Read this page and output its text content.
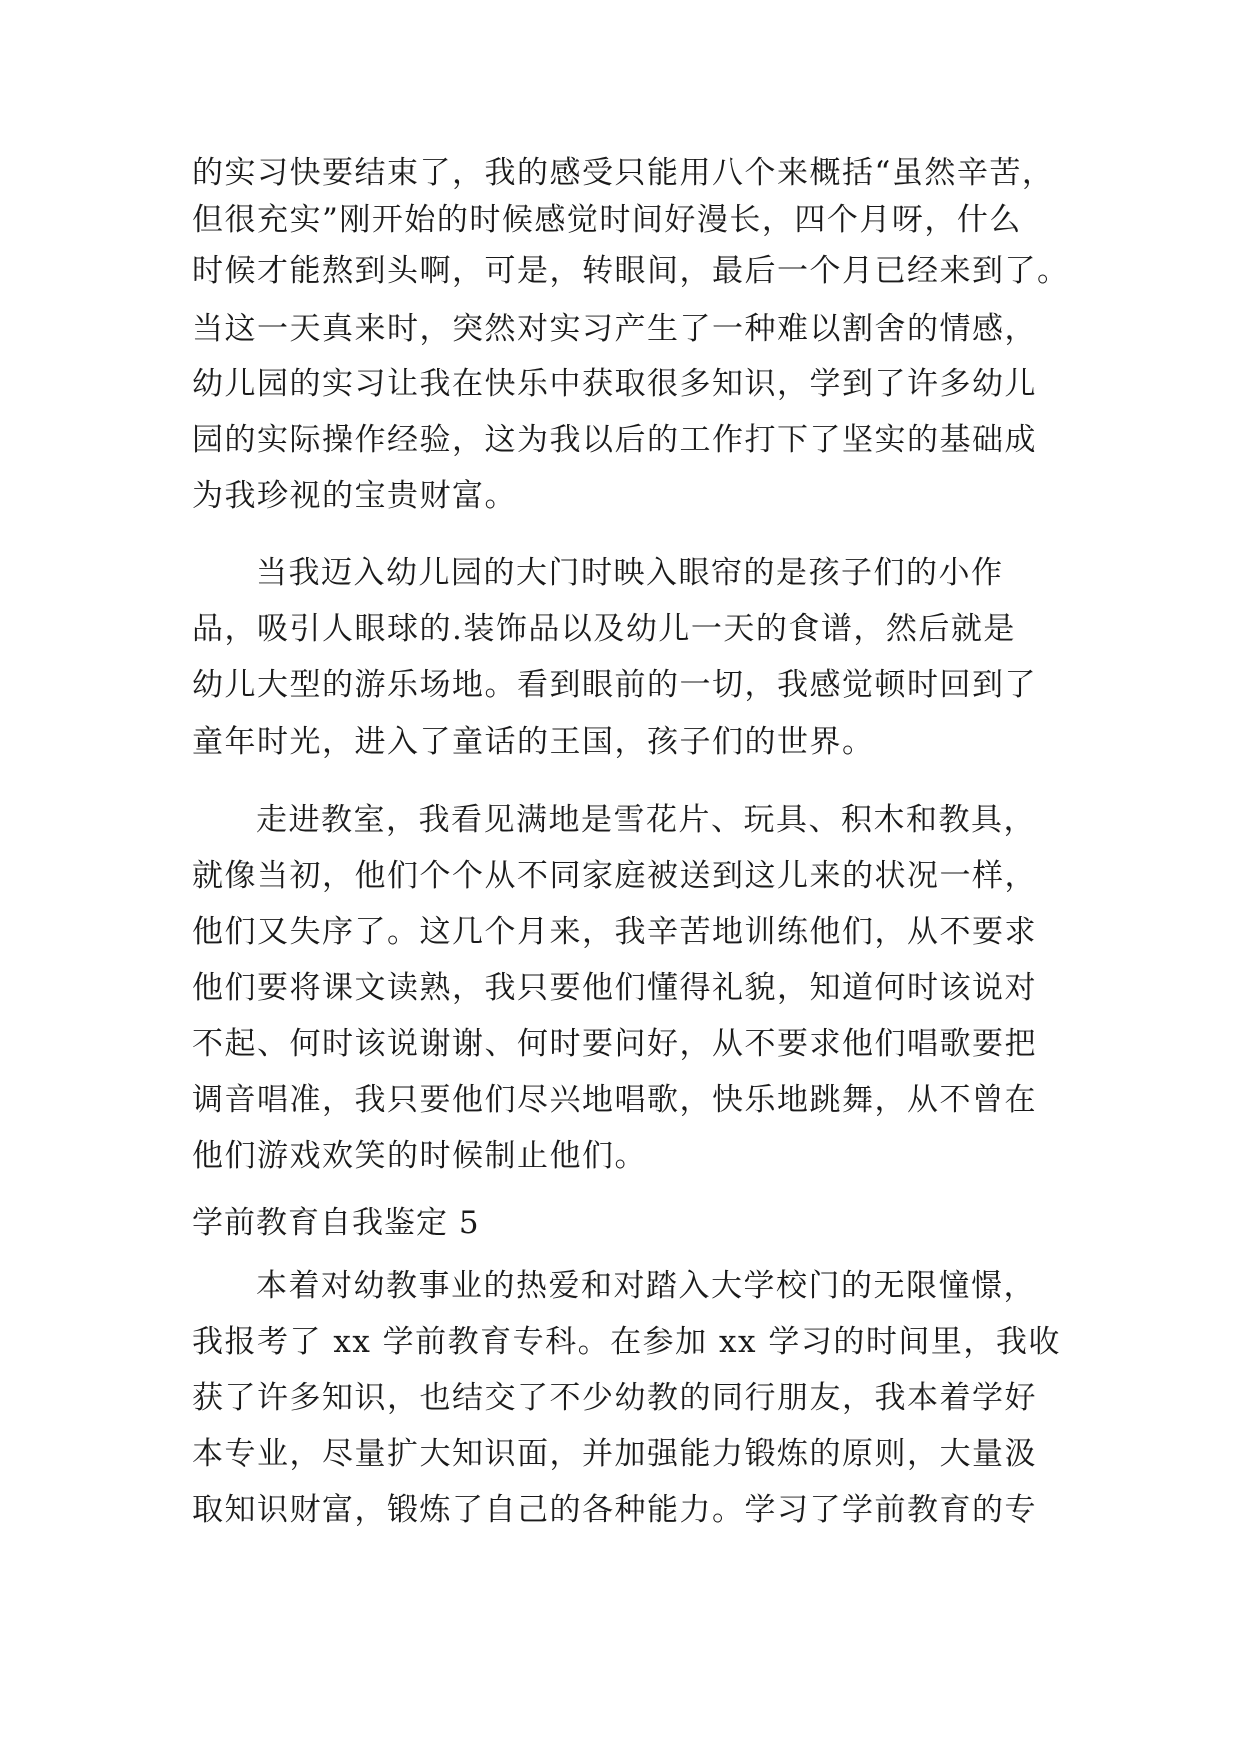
的实习快要结束了，我的感受只能用八个来概括“虽然辛苦，
但很充实”刚开始的时候感觉时间好漫长，四个月呀，什么
时候才能熬到头啊，可是，转眼间，最后一个月已经来到了。
当这一天真来时，突然对实习产生了一种难以割舍的情感，
幼儿园的实习让我在快乐中获取很多知识，学到了许多幼儿
园的实际操作经验，这为我以后的工作打下了坚实的基础成
为我珍视的宝贵财富。
当我迈入幼儿园的大门时映入眼帘的是孩子们的小作
品，吸引人眼球的.装饰品以及幼儿一天的食谱，然后就是
幼儿大型的游乐场地。看到眼前的一切，我感觉顿时回到了
童年时光，进入了童话的王国，孩子们的世界。
走进教室，我看见满地是雪花片、玩具、积木和教具，
就像当初，他们个个从不同家庭被送到这儿来的状况一样，
他们又失序了。这几个月来，我辛苦地训练他们，从不要求
他们要将课文读熟，我只要他们懂得礼貌，知道何时该说对
不起、何时该说谢谢、何时要问好，从不要求他们唱歌要把
调音唱准，我只要他们尽兴地唱歌，快乐地跳舞，从不曾在
他们游戏欢笑的时候制止他们。
学前教育自我鉴定 5
本着对幼教事业的热爱和对踏入大学校门的无限憧憬，
我报考了 xx 学前教育专科。在参加 xx 学习的时间里，我收
获了许多知识，也结交了不少幼教的同行朋友，我本着学好
本专业，尽量扩大知识面，并加强能力锻炼的原则，大量汲
取知识财富，锻炼了自己的各种能力。学习了学前教育的专
